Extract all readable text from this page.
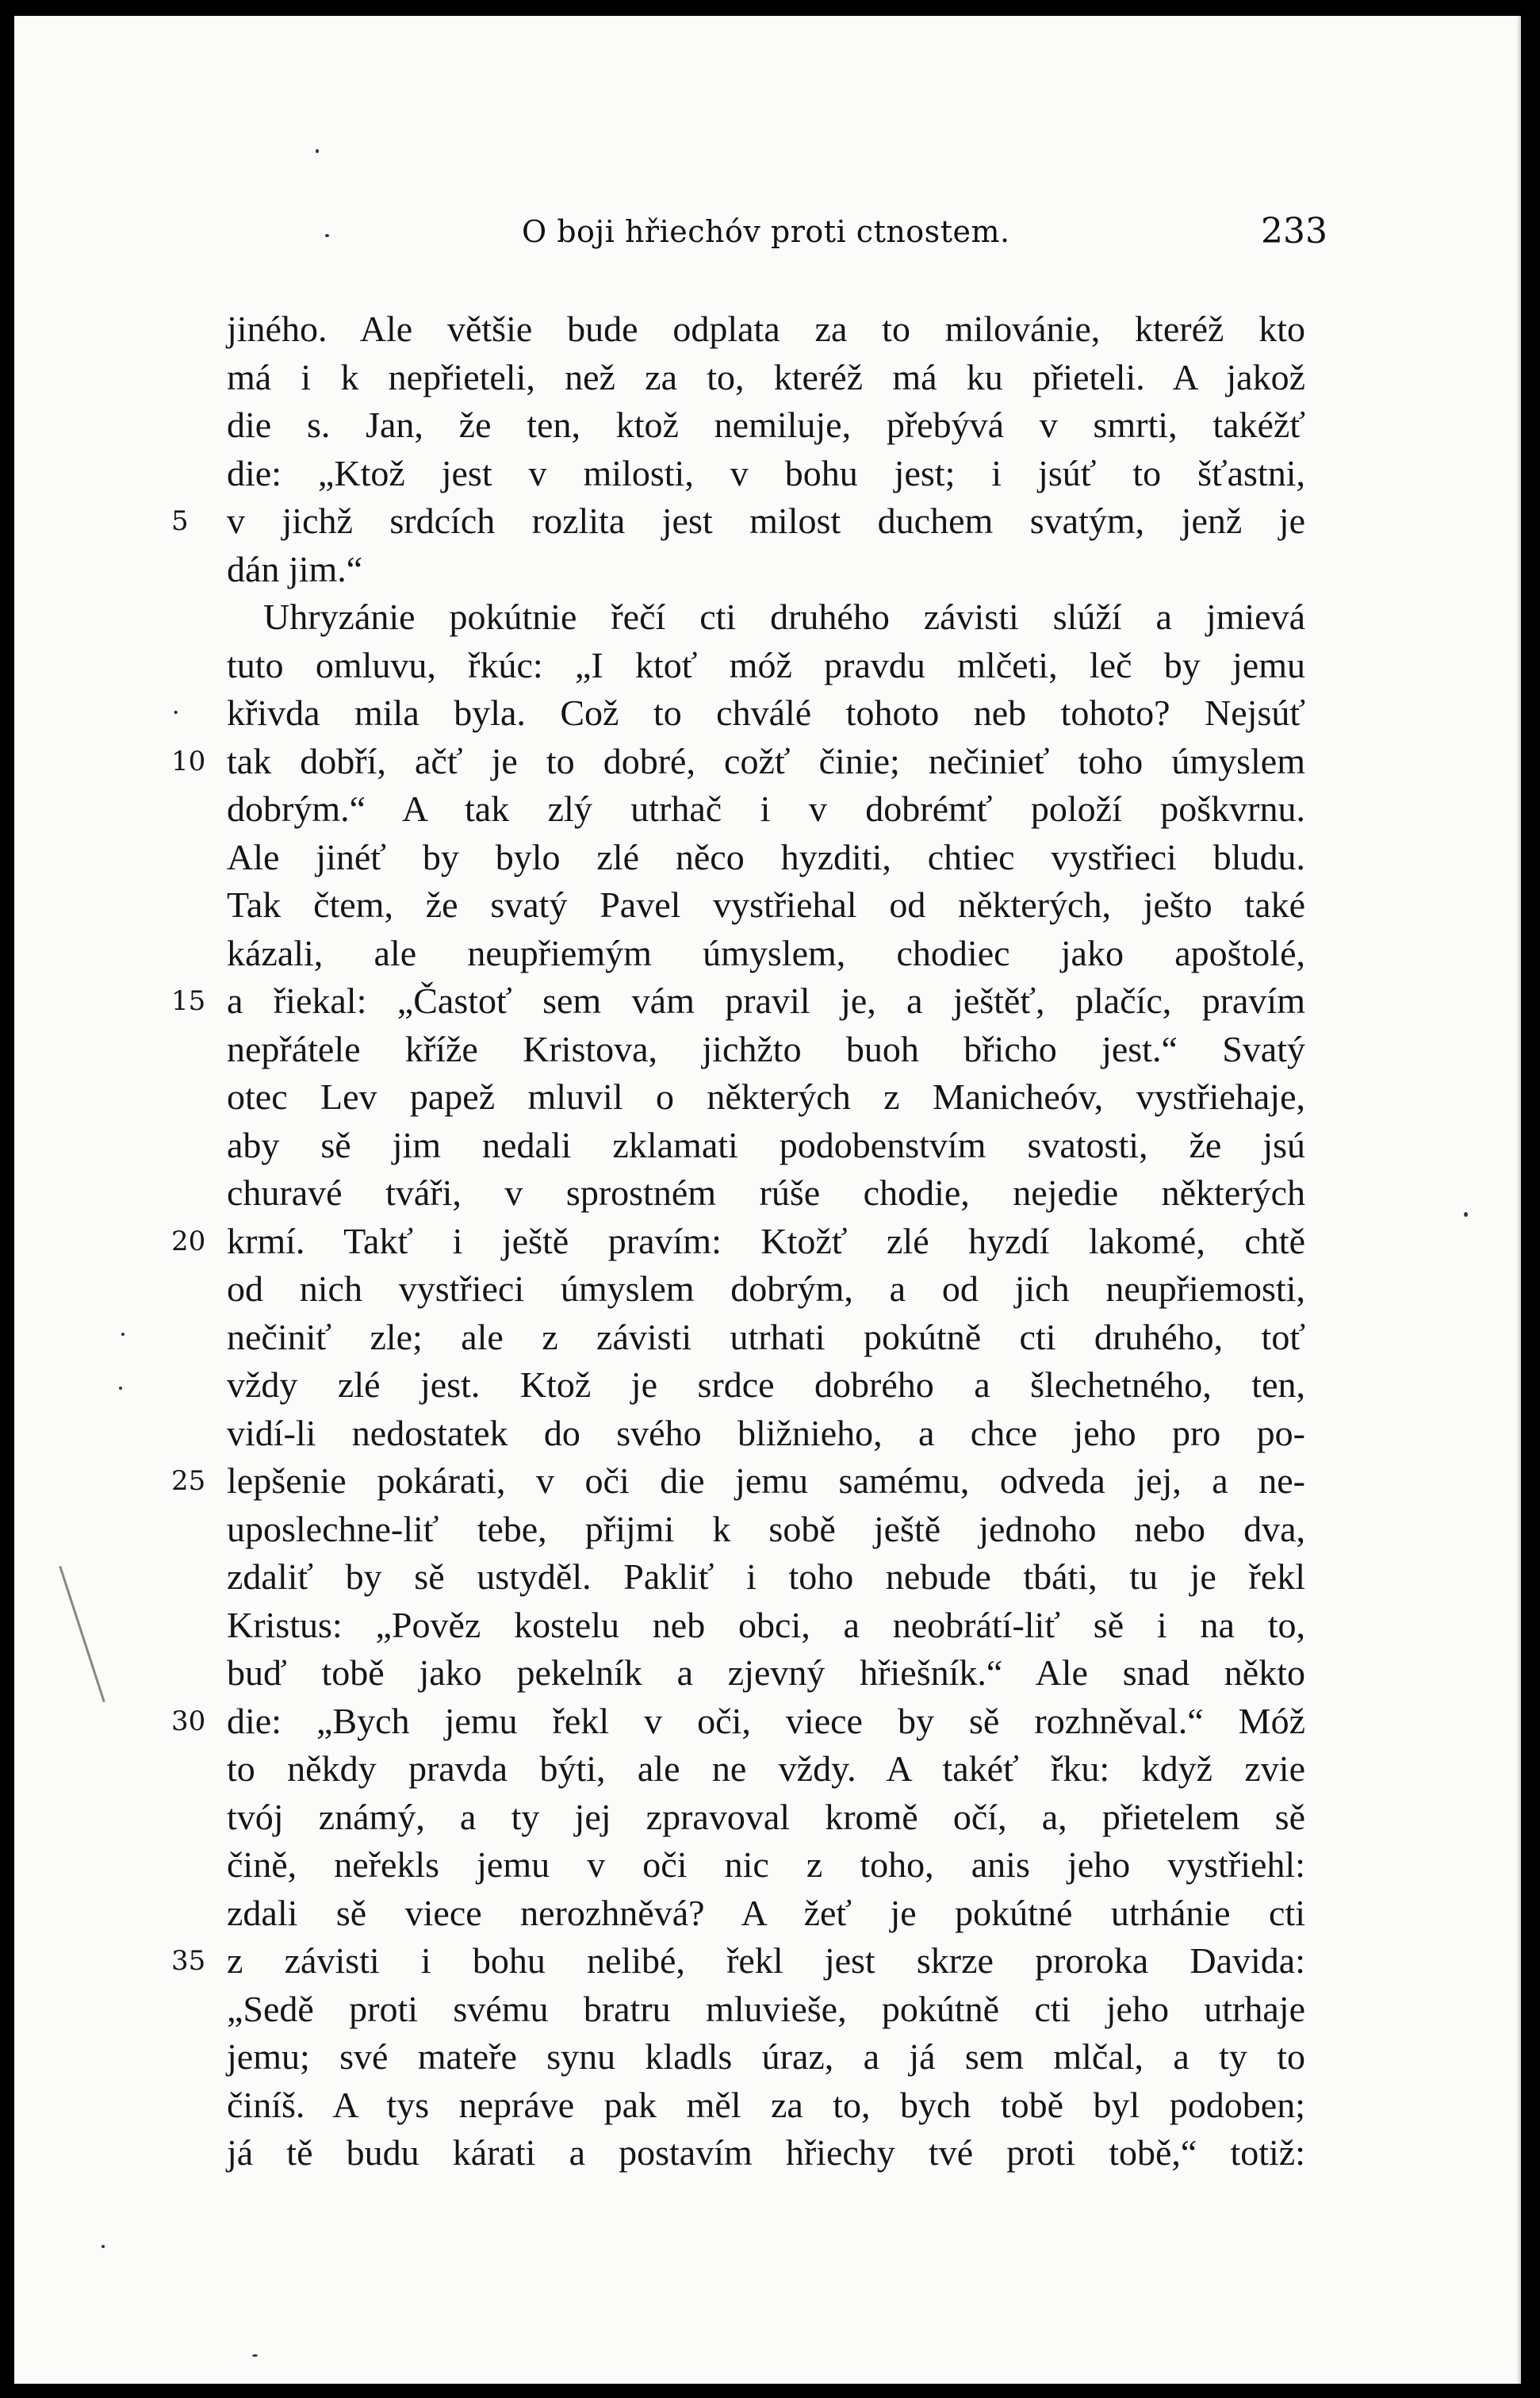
O boji hřiechóv proti ctnostem.	233
jiného. Ale většie bude odplata za to milovánie, kteréž kto
má i k nepřieteli, než za to, kteréž má ku přieteli. A jakož
die s. Jan, že ten, ktož nemiluje, přebývá v smrti, takéžť
die: „Ktož jest v milosti, v bohu jest; i jsúť to šťastni,
5	v jichž srdcích rozlita jest milost duchem svatým, jenž je
dán jim.“
Uhryzánie pokútnie řečí cti druhého závisti slúží a jmievá
tuto omluvu, řkúc: „I ktoť móž pravdu mlčeti, leč by jemu
· křivda mila byla. Což to chválé tohoto neb tohoto? Nejsúť
10 tak dobří, ačť je to dobré, cožť činie; nečinieť toho úmyslem
dobrým.“ A tak zlý utrhač i v dobrémť položí poškvrnu.
Ale jinéť by bylo zlé něco hyzditi, chtiec vystřieci bludu.
Tak čtem, že svatý Pavel vystřiehal od některých, ješto také
kázali, ale neupřiemým úmyslem, chodiec jako apoštolé,
15 a řiekal: „Častoť sem vám pravil je, a ještěť, plačíc, pravím
nepřátele kříže Kristova, jichžto buoh břicho jest.“ Svatý
otec Lev papež mluvil o některých z Manicheóv, vystřiehaje,
aby sě jim nedali zklamati podobenstvím svatosti, že jsú
churavé tváři, v sprostném rúše chodie, nejedie některých
20 krmí. Takť i ještě pravím: Ktožť zlé hyzdí lakomé, chtě
od nich vystřieci úmyslem dobrým, a od jich neupřiemosti,
nečiniť zle; ale z závisti utrhati pokútně cti druhého, toť
vždy zlé jest. Ktož je srdce dobrého a šlechetného, ten,
vidí-li nedostatek do svého bližnieho, a chce jeho pro po-
25 lepšenie pokárati, v oči die jemu samému, odveda jej, a ne-
uposlechne-liť tebe, přijmi k sobě ještě jednoho nebo dva,
zdaliť by sě ustyděl. Pakliť i toho nebude tbáti, tu je řekl
Kristus: „Pověz kostelu neb obci, a neobrátí-liť sě i na to,
buď tobě jako pekelník a zjevný hřiešník.“ Ale snad někto
30 die: „Bych jemu řekl v oči, viece by sě rozhněval.“ Móž
to někdy pravda býti, ale ne vždy. A takéť řku: když zvie
tvój známý, a ty jej zpravoval kromě očí, a, přietelem sě
čině, neřekls jemu v oči nic z toho, anis jeho vystřiehl:
zdali sě viece nerozhněvá? A žeť je pokútné utrhánie cti
35 z závisti i bohu nelibé, řekl jest skrze proroka Davida:
„Sedě proti svému bratru mluvieše, pokútně cti jeho utrhaje
jemu; své mateře synu kladls úraz, a já sem mlčal, a ty to
činíš. A tys nepráve pak měl za to, bych tobě byl podoben;
já tě budu kárati a postavím hřiechy tvé proti tobě,“ totiž:
